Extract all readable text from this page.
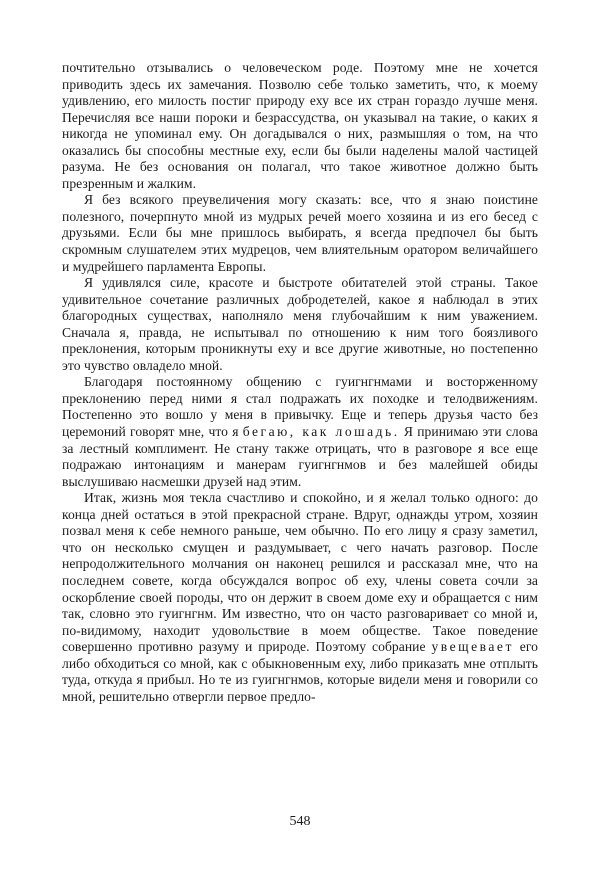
почтительно отзывались о человеческом роде. Поэтому мне не хочется приводить здесь их замечания. Позволю себе только заметить, что, к моему удивлению, его милость постиг природу еху все их стран гораздо лучше меня. Перечисляя все наши пороки и безрассудства, он указывал на такие, о каких я никогда не упоминал ему. Он догадывался о них, размышляя о том, на что оказались бы способны местные еху, если бы были наделены малой частицей разума. Не без основания он полагал, что такое животное должно быть презренным и жалким.

Я без всякого преувеличения могу сказать: все, что я знаю поистине полезного, почерпнуто мной из мудрых речей моего хозяина и из его бесед с друзьями. Если бы мне пришлось выбирать, я всегда предпочел бы быть скромным слушателем этих мудрецов, чем влиятельным оратором величайшего и мудрейшего парламента Европы.

Я удивлялся силе, красоте и быстроте обитателей этой страны. Такое удивительное сочетание различных добродетелей, какое я наблюдал в этих благородных существах, наполняло меня глубочайшим к ним уважением. Сначала я, правда, не испытывал по отношению к ним того боязливого преклонения, которым проникнуты еху и все другие животные, но постепенно это чувство овладело мной.

Благодаря постоянному общению с гуигнгнмами и восторженному преклонению перед ними я стал подражать их походке и телодвижениям. Постепенно это вошло у меня в привычку. Еще и теперь друзья часто без церемоний говорят мне, что я бегаю, как лошадь. Я принимаю эти слова за лестный комплимент. Не стану также отрицать, что в разговоре я все еще подражаю интонациям и манерам гуигнгнмов и без малейшей обиды выслушиваю насмешки друзей над этим.

Итак, жизнь моя текла счастливо и спокойно, и я желал только одного: до конца дней остаться в этой прекрасной стране. Вдруг, однажды утром, хозяин позвал меня к себе немного раньше, чем обычно. По его лицу я сразу заметил, что он несколько смущен и раздумывает, с чего начать разговор. После непродолжительного молчания он наконец решился и рассказал мне, что на последнем совете, когда обсуждался вопрос об еху, члены совета сочли за оскорбление своей породы, что он держит в своем доме еху и обращается с ним так, словно это гуигнгнм. Им известно, что он часто разговаривает со мной и, по-видимому, находит удовольствие в моем обществе. Такое поведение совершенно противно разуму и природе. Поэтому собрание увещевает его либо обходиться со мной, как с обыкновенным еху, либо приказать мне отплыть туда, откуда я прибыл. Но те из гуигнгнмов, которые видели меня и говорили со мной, решительно отвергли первое предло-

548
